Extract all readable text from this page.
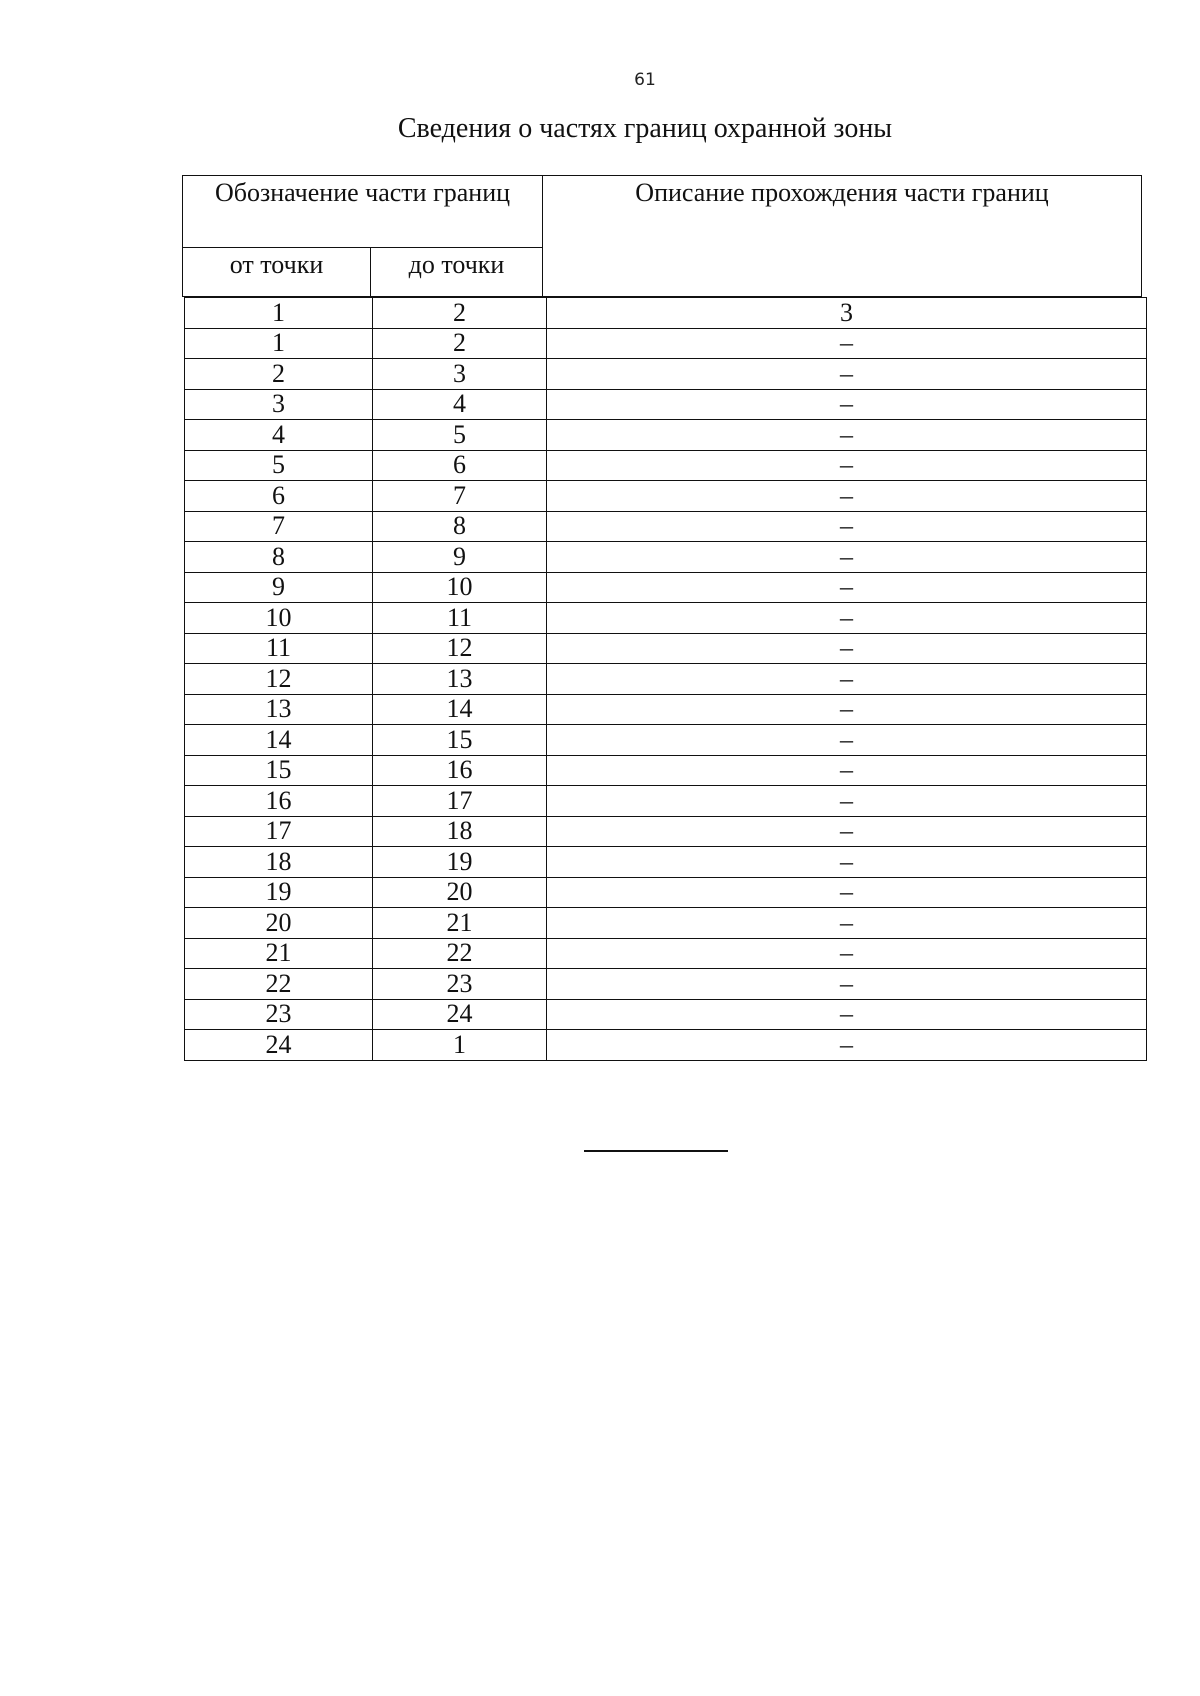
61
Сведения о частях границ охранной зоны
Обозначение части границ		Описание прохождения части границ
от точки	до точки	
1	2	3
1	2	–
2	3	–
3	4	–
4	5	–
5	6	–
6	7	–
7	8	–
8	9	–
9	10	–
10	11	–
11	12	–
12	13	–
13	14	–
14	15	–
15	16	–
16	17	–
17	18	–
18	19	–
19	20	–
20	21	–
21	22	–
22	23	–
23	24	–
24	1	–
